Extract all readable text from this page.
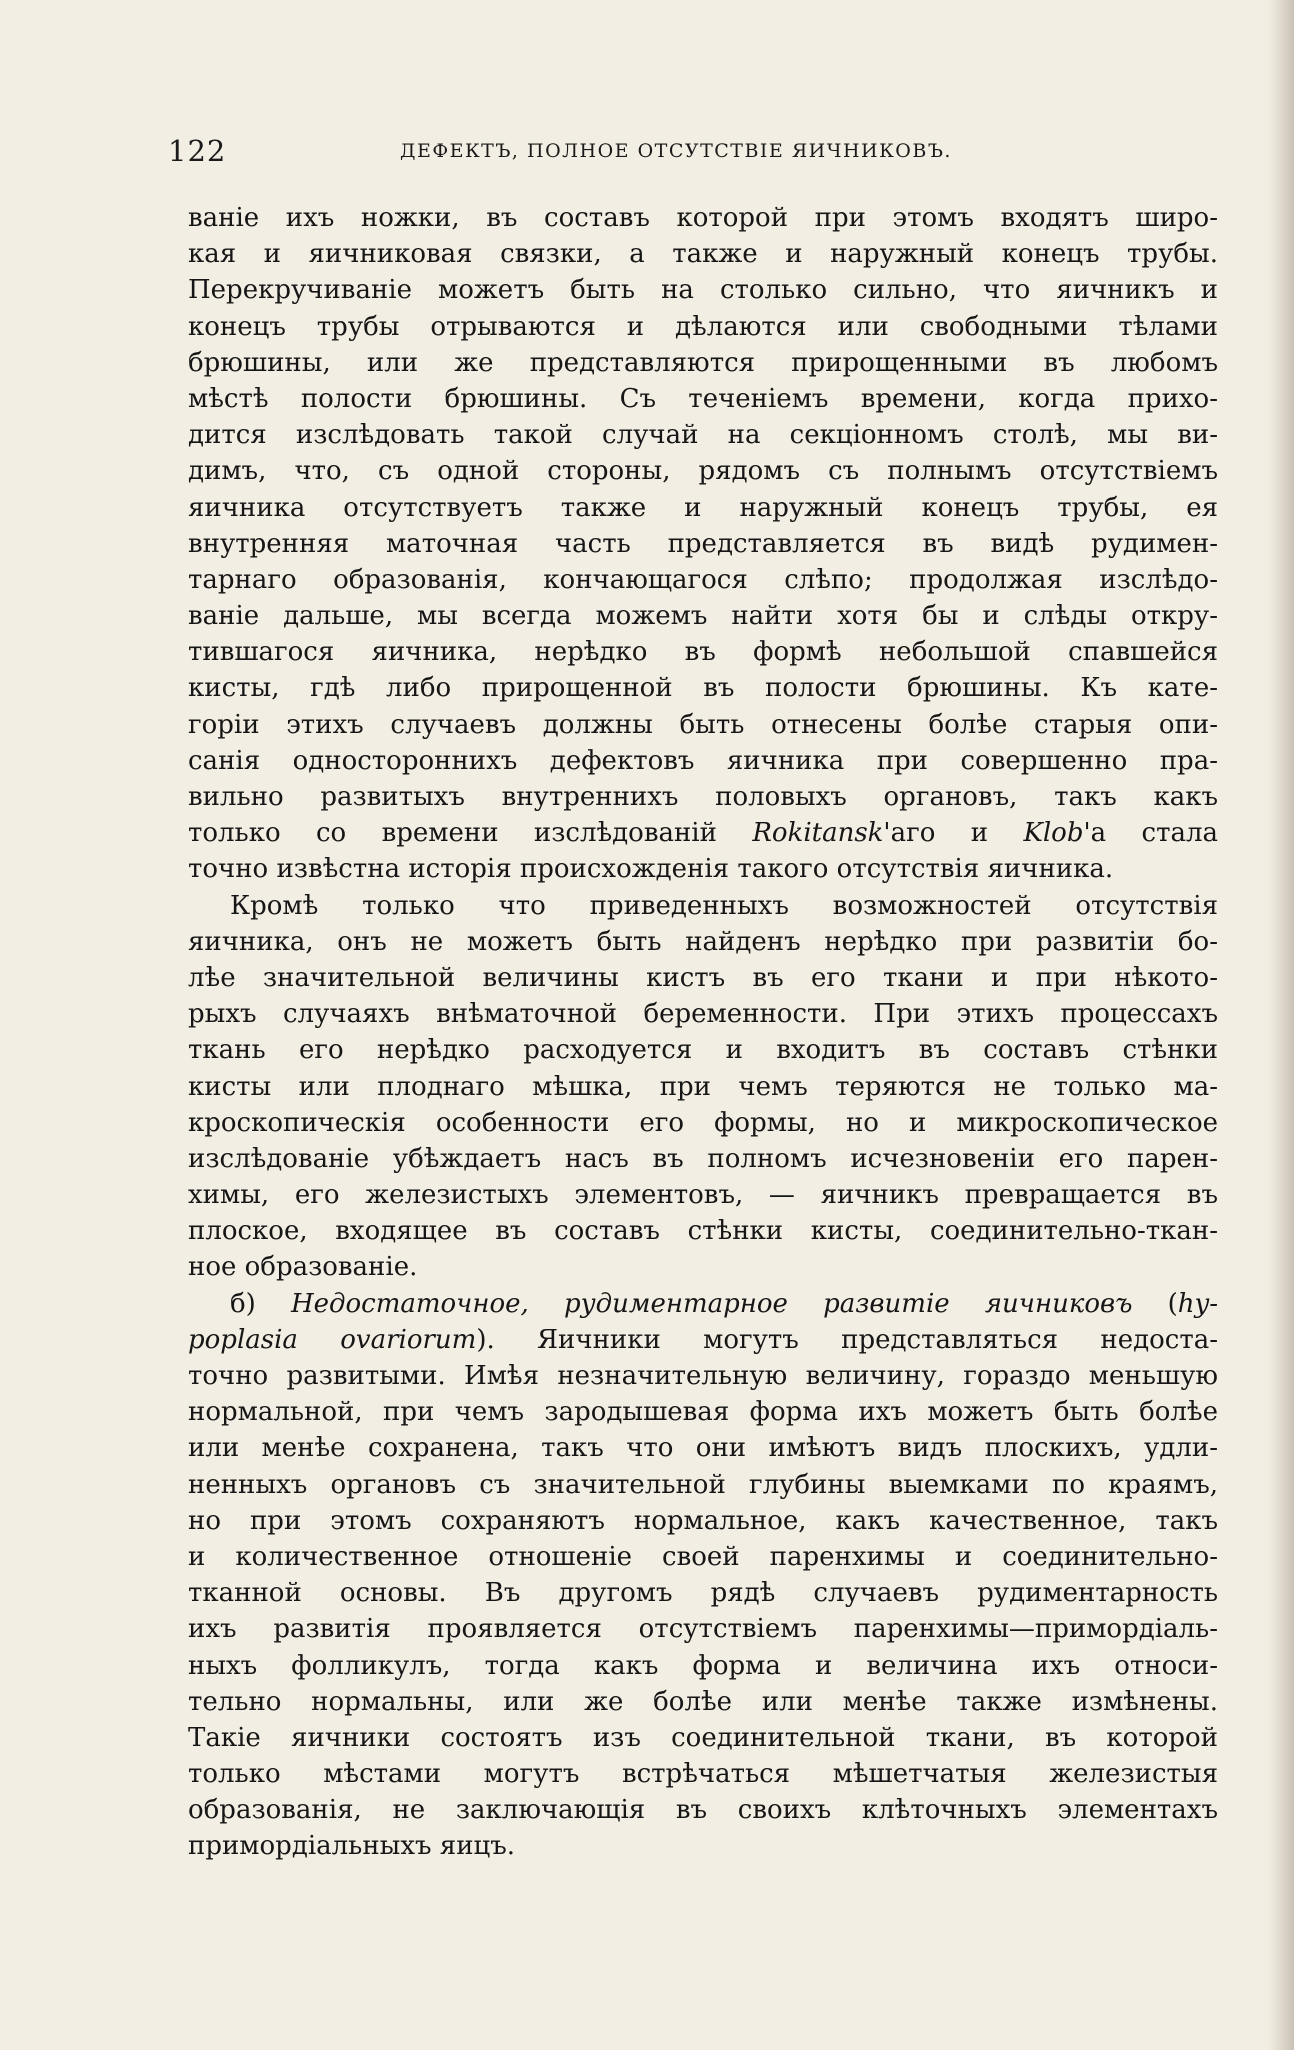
122	ДЕФЕКТЪ, ПОЛНОЕ ОТСУТСТВІЕ ЯИЧНИКОВЪ.
ваніе ихъ ножки, въ составъ которой при этомъ входятъ широ-
кая и яичниковая связки, а также и наружный конецъ трубы.
Перекручиваніе можетъ быть на столько сильно, что яичникъ и
конецъ трубы отрываются и дѣлаются или свободными тѣлами
брюшины, или же представляются прирощенными въ любомъ
мѣстѣ полости брюшины. Съ теченіемъ времени, когда прихо-
дится изслѣдовать такой случай на секціонномъ столѣ, мы ви-
димъ, что, съ одной стороны, рядомъ съ полнымъ отсутствіемъ
яичника отсутствуетъ также и наружный конецъ трубы, ея
внутренняя маточная часть представляется въ видѣ рудимен-
тарнаго образованія, кончающагося слѣпо; продолжая изслѣдо-
ваніе дальше, мы всегда можемъ найти хотя бы и слѣды откру-
тившагося яичника, нерѣдко въ формѣ небольшой спавшейся
кисты, гдѣ либо прирощенной въ полости брюшины. Къ кате-
горіи этихъ случаевъ должны быть отнесены болѣе старыя опи-
санія одностороннихъ дефектовъ яичника при совершенно пра-
вильно развитыхъ внутреннихъ половыхъ органовъ, такъ какъ
только со времени изслѣдованій Rokitansk'аго и Klob'a стала
точно извѣстна исторія происхожденія такого отсутствія яичника.
Кромѣ только что приведенныхъ возможностей отсутствія
яичника, онъ не можетъ быть найденъ нерѣдко при развитіи бо-
лѣе значительной величины кистъ въ его ткани и при нѣкото-
рыхъ случаяхъ внѣматочной беременности. При этихъ процессахъ
ткань его нерѣдко расходуется и входитъ въ составъ стѣнки
кисты или плоднаго мѣшка, при чемъ теряются не только ма-
кроскопическія особенности его формы, но и микроскопическое
изслѣдованіе убѣждаетъ насъ въ полномъ исчезновеніи его парен-
химы, его железистыхъ элементовъ, — яичникъ превращается въ
плоское, входящее въ составъ стѣнки кисты, соединительно-ткан-
ное образованіе.
б) Недостаточное, рудиментарное развитіе яичниковъ (hy-
poplasia ovariorum). Яичники могутъ представляться недоста-
точно развитыми. Имѣя незначительную величину, гораздо меньшую
нормальной, при чемъ зародышевая форма ихъ можетъ быть болѣе
или менѣе сохранена, такъ что они имѣютъ видъ плоскихъ, удли-
ненныхъ органовъ съ значительной глубины выемками по краямъ,
но при этомъ сохраняютъ нормальное, какъ качественное, такъ
и количественное отношеніе своей паренхимы и соединительно-
тканной основы. Въ другомъ рядѣ случаевъ рудиментарность
ихъ развитія проявляется отсутствіемъ паренхимы—примордіаль-
ныхъ фолликулъ, тогда какъ форма и величина ихъ относи-
тельно нормальны, или же болѣе или менѣе также измѣнены.
Такіе яичники состоятъ изъ соединительной ткани, въ которой
только мѣстами могутъ встрѣчаться мѣшетчатыя железистыя
образованія, не заключающія въ своихъ клѣточныхъ элементахъ
примордіальныхъ яицъ.
